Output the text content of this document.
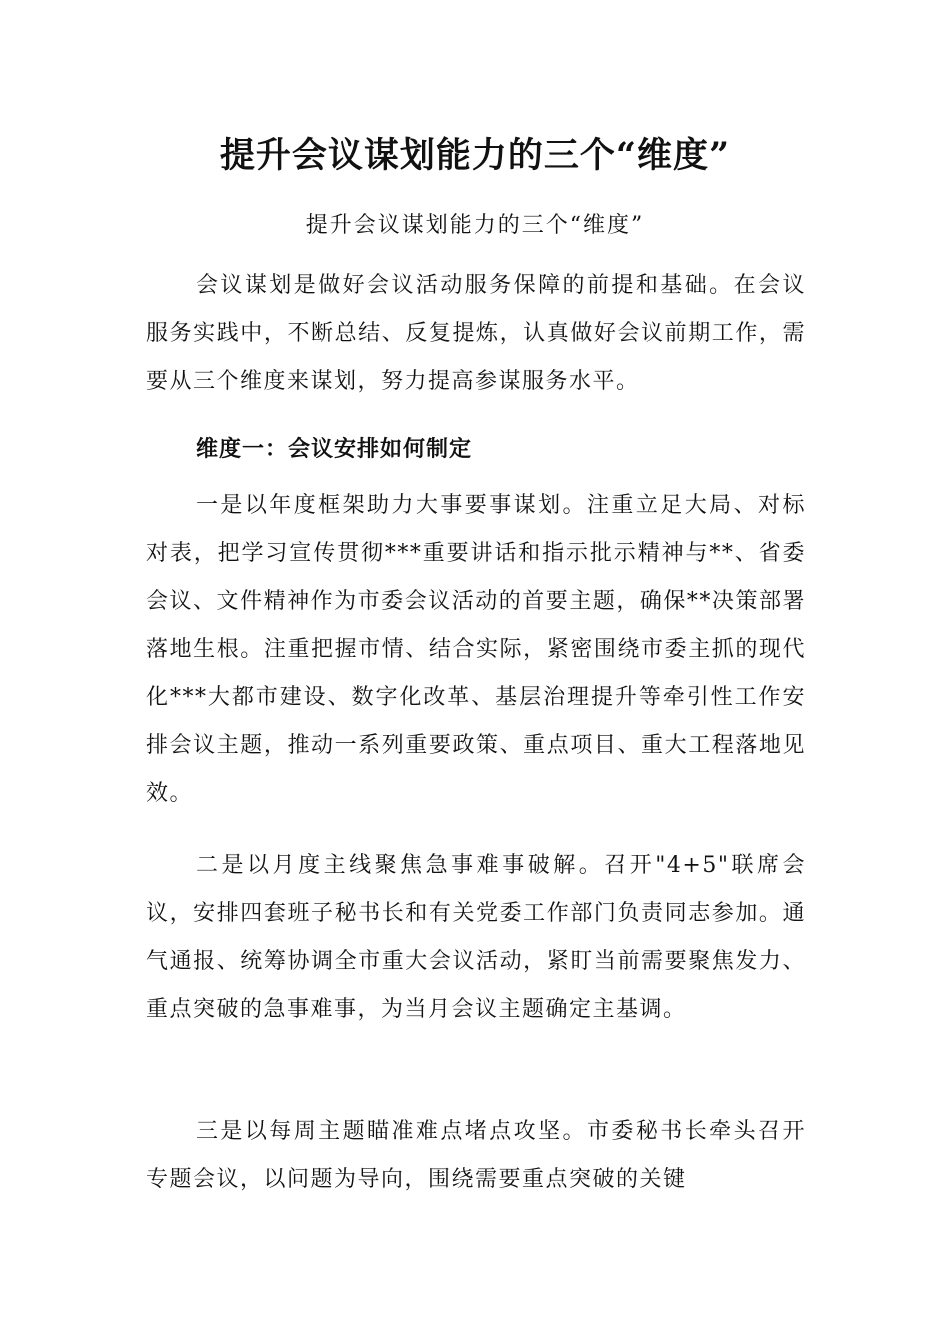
提升会议谋划能力的三个“维度”

提升会议谋划能力的三个“维度”

会议谋划是做好会议活动服务保障的前提和基础。在会议服务实践中，不断总结、反复提炼，认真做好会议前期工作，需要从三个维度来谋划，努力提高参谋服务水平。

维度一：会议安排如何制定

一是以年度框架助力大事要事谋划。注重立足大局、对标对表，把学习宣传贯彻***重要讲话和指示批示精神与**、省委会议、文件精神作为市委会议活动的首要主题，确保**决策部署落地生根。注重把握市情、结合实际，紧密围绕市委主抓的现代化***大都市建设、数字化改革、基层治理提升等牵引性工作安排会议主题，推动一系列重要政策、重点项目、重大工程落地见效。

二是以月度主线聚焦急事难事破解。召开"4+5"联席会议，安排四套班子秘书长和有关党委工作部门负责同志参加。通气通报、统筹协调全市重大会议活动，紧盯当前需要聚焦发力、重点突破的急事难事，为当月会议主题确定主基调。

三是以每周主题瞄准难点堵点攻坚。市委秘书长牵头召开专题会议，以问题为导向，围绕需要重点突破的关键
